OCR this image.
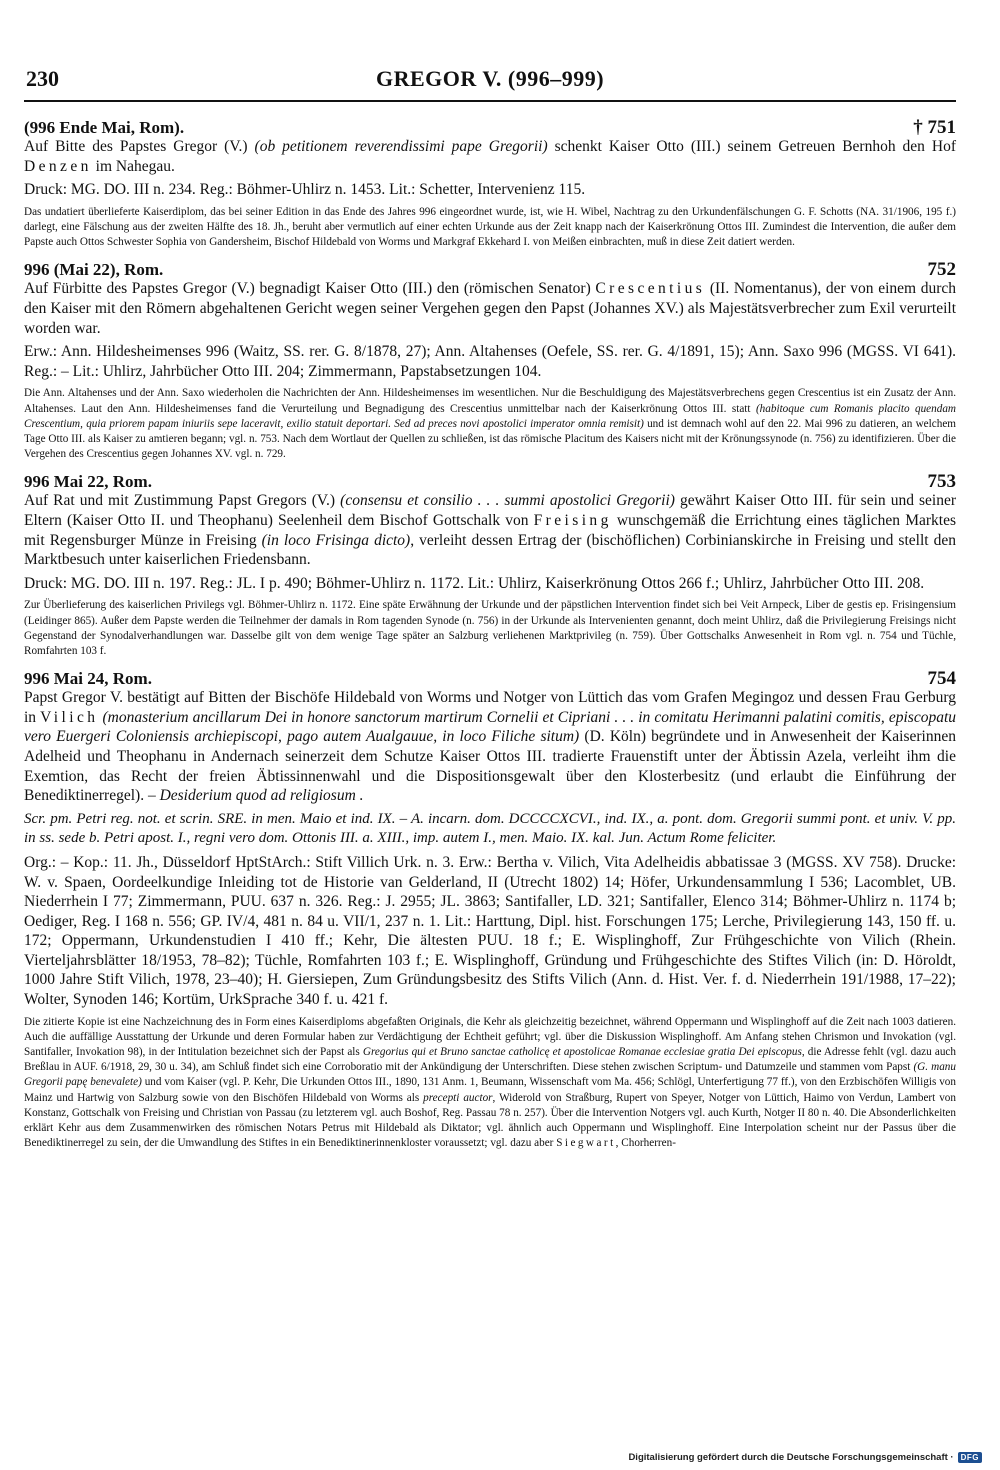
230	GREGOR V. (996–999)
(996 Ende Mai, Rom).	† 751

Auf Bitte des Papstes Gregor (V.) (ob petitionem reverendissimi pape Gregorii) schenkt Kaiser Otto (III.) seinem Getreuen Bernhoh den Hof Denzen im Nahegau.

Druck: MG. DO. III n. 234. Reg.: Böhmer-Uhlirz n. 1453. Lit.: Schetter, Intervenienz 115.

Das undatiert überlieferte Kaiserdiplom, das bei seiner Edition in das Ende des Jahres 996 eingeordnet wurde, ist, wie H. Wibel, Nachtrag zu den Urkundenfälschungen G. F. Schotts (NA. 31/1906, 195 f.) darlegt, eine Fälschung aus der zweiten Hälfte des 18. Jh., beruht aber vermutlich auf einer echten Urkunde aus der Zeit knapp nach der Kaiserkrönung Ottos III. Zumindest die Intervention, die außer dem Papste auch Ottos Schwester Sophia von Gandersheim, Bischof Hildebald von Worms und Markgraf Ekkehard I. von Meißen einbrachten, muß in diese Zeit datiert werden.

996 (Mai 22), Rom.	752

Auf Fürbitte des Papstes Gregor (V.) begnadigt Kaiser Otto (III.) den (römischen Senator) Crescentius (II. Nomentanus), der von einem durch den Kaiser mit den Römern abgehaltenen Gericht wegen seiner Vergehen gegen den Papst (Johannes XV.) als Majestätsverbrecher zum Exil verurteilt worden war.

Erw.: Ann. Hildesheimenses 996 (Waitz, SS. rer. G. 8/1878, 27); Ann. Altahenses (Oefele, SS. rer. G. 4/1891, 15); Ann. Saxo 996 (MGSS. VI 641). Reg.: – Lit.: Uhlirz, Jahrbücher Otto III. 204; Zimmermann, Papstabsetzungen 104.

Die Ann. Altahenses und der Ann. Saxo wiederholen die Nachrichten der Ann. Hildesheimenses im wesentlichen. Nur die Beschuldigung des Majestätsverbrechens gegen Crescentius ist ein Zusatz der Ann. Altahenses. Laut den Ann. Hildesheimenses fand die Verurteilung und Begnadigung des Crescentius unmittelbar nach der Kaiserkrönung Ottos III. statt (habitoque cum Romanis placito quendam Crescentium, quia priorem papam iniuriis sepe laceravit, exilio statuit deportari. Sed ad preces novi apostolici imperator omnia remisit) und ist demnach wohl auf den 22. Mai 996 zu datieren, an welchem Tage Otto III. als Kaiser zu amtieren begann; vgl. n. 753. Nach dem Wortlaut der Quellen zu schließen, ist das römische Placitum des Kaisers nicht mit der Krönungssynode (n. 756) zu identifizieren. Über die Vergehen des Crescentius gegen Johannes XV. vgl. n. 729.

996 Mai 22, Rom.	753

Auf Rat und mit Zustimmung Papst Gregors (V.) (consensu et consilio . . . summi apostolici Gregorii) gewährt Kaiser Otto III. für sein und seiner Eltern (Kaiser Otto II. und Theophanu) Seelenheil dem Bischof Gottschalk von Freising wunschgemäß die Errichtung eines täglichen Marktes mit Regensburger Münze in Freising (in loco Frisinga dicto), verleiht dessen Ertrag der (bischöflichen) Corbinianskirche in Freising und stellt den Marktbesuch unter kaiserlichen Friedensbann.

Druck: MG. DO. III n. 197. Reg.: JL. I p. 490; Böhmer-Uhlirz n. 1172. Lit.: Uhlirz, Kaiserkrönung Ottos 266 f.; Uhlirz, Jahrbücher Otto III. 208.

Zur Überlieferung des kaiserlichen Privilegs vgl. Böhmer-Uhlirz n. 1172. Eine späte Erwähnung der Urkunde und der päpstlichen Intervention findet sich bei Veit Arnpeck, Liber de gestis ep. Frisingensium (Leidinger 865). Außer dem Papste werden die Teilnehmer der damals in Rom tagenden Synode (n. 756) in der Urkunde als Intervenienten genannt, doch meint Uhlirz, daß die Privilegierung Freisings nicht Gegenstand der Synodalverhandlungen war. Dasselbe gilt von dem wenige Tage später an Salzburg verliehenen Marktprivileg (n. 759). Über Gottschalks Anwesenheit in Rom vgl. n. 754 und Tüchle, Romfahrten 103 f.

996 Mai 24, Rom.	754

Papst Gregor V. bestätigt auf Bitten der Bischöfe Hildebald von Worms und Notger von Lüttich das vom Grafen Megingoz und dessen Frau Gerburg in Vilich (monasterium ancillarum Dei in honore sanctorum martirum Cornelii et Cipriani . . . in comitatu Herimanni palatini comitis, episcopatu vero Euergeri Coloniensis archiepiscopi, pago autem Aualgauue, in loco Filiche situm) (D. Köln) begründete und in Anwesenheit der Kaiserinnen Adelheid und Theophanu in Andernach seinerzeit dem Schutze Kaiser Ottos III. tradierte Frauenstift unter der Äbtissin Azela, verleiht ihm die Exemtion, das Recht der freien Äbtissinnenwahl und die Dispositionsgewalt über den Klosterbesitz (und erlaubt die Einführung der Benediktinerregel). – Desiderium quod ad religiosum .

Scr. pm. Petri reg. not. et scrin. SRE. in men. Maio et ind. IX. – A. incarn. dom. DCCCCXCVI., ind. IX., a. pont. dom. Gregorii summi pont. et univ. V. pp. in ss. sede b. Petri apost. I., regni vero dom. Ottonis III. a. XIII., imp. autem I., men. Maio. IX. kal. Jun. Actum Rome feliciter.

Org.: – Kop.: 11. Jh., Düsseldorf HptStArch.: Stift Villich Urk. n. 3. Erw.: Bertha v. Vilich, Vita Adelheidis abbatissae 3 (MGSS. XV 758). Drucke: W. v. Spaen, Oordeelkundige Inleiding tot de Historie van Gelderland, II (Utrecht 1802) 14; Höfer, Urkundensammlung I 536; Lacomblet, UB. Niederrhein I 77; Zimmermann, PUU. 637 n. 326. Reg.: J. 2955; JL. 3863; Santifaller, LD. 321; Santifaller, Elenco 314; Böhmer-Uhlirz n. 1174 b; Oediger, Reg. I 168 n. 556; GP. IV/4, 481 n. 84 u. VII/1, 237 n. 1. Lit.: Harttung, Dipl. hist. Forschungen 175; Lerche, Privilegierung 143, 150 ff. u. 172; Oppermann, Urkundenstudien I 410 ff.; Kehr, Die ältesten PUU. 18 f.; E. Wisplinghoff, Zur Frühgeschichte von Vilich (Rhein. Vierteljahrsblätter 18/1953, 78–82); Tüchle, Romfahrten 103 f.; E. Wisplinghoff, Gründung und Frühgeschichte des Stiftes Vilich (in: D. Höroldt, 1000 Jahre Stift Vilich, 1978, 23–40); H. Giersiepen, Zum Gründungsbesitz des Stifts Vilich (Ann. d. Hist. Ver. f. d. Niederrhein 191/1988, 17–22); Wolter, Synoden 146; Kortüm, UrkSprache 340 f. u. 421 f.

Die zitierte Kopie ist eine Nachzeichnung des in Form eines Kaiserdiploms abgefaßten Originals, die Kehr als gleichzeitig bezeichnet, während Oppermann und Wisplinghoff auf die Zeit nach 1003 datieren. Auch die auffällige Ausstattung der Urkunde und deren Formular haben zur Verdächtigung der Echtheit geführt; vgl. über die Diskussion Wisplinghoff. Am Anfang stehen Chrismon und Invokation (vgl. Santifaller, Invokation 98), in der Intitulation bezeichnet sich der Papst als Gregorius qui et Bruno sanctae catholicę et apostolicae Romanae ecclesiae gratia Dei episcopus, die Adresse fehlt (vgl. dazu auch Breßlau in AUF. 6/1918, 29, 30 u. 34), am Schluß findet sich eine Corroboratio mit der Ankündigung der Unterschriften. Diese stehen zwischen Scriptum- und Datumzeile und stammen vom Papst (G. manu Gregorii papę benevalete) und vom Kaiser (vgl. P. Kehr, Die Urkunden Ottos III., 1890, 131 Anm. 1, Beumann, Wissenschaft vom Ma. 456; Schlögl, Unterfertigung 77 ff.), von den Erzbischöfen Willigis von Mainz und Hartwig von Salzburg sowie von den Bischöfen Hildebald von Worms als precepti auctor, Widerold von Straßburg, Rupert von Speyer, Notger von Lüttich, Haimo von Verdun, Lambert von Konstanz, Gottschalk von Freising und Christian von Passau (zu letzterem vgl. auch Boshof, Reg. Passau 78 n. 257). Über die Intervention Notgers vgl. auch Kurth, Notger II 80 n. 40. Die Absonderlichkeiten erklärt Kehr aus dem Zusammenwirken des römischen Notars Petrus mit Hildebald als Diktator; vgl. ähnlich auch Oppermann und Wisplinghoff. Eine Interpolation scheint nur der Passus über die Benediktinerregel zu sein, der die Umwandlung des Stiftes in ein Benediktinerinnenkloster voraussetzt; vgl. dazu aber Siegwart, Chorherren-

Digitalisierung gefördert durch die Deutsche Forschungsgemeinschaft · DFG
